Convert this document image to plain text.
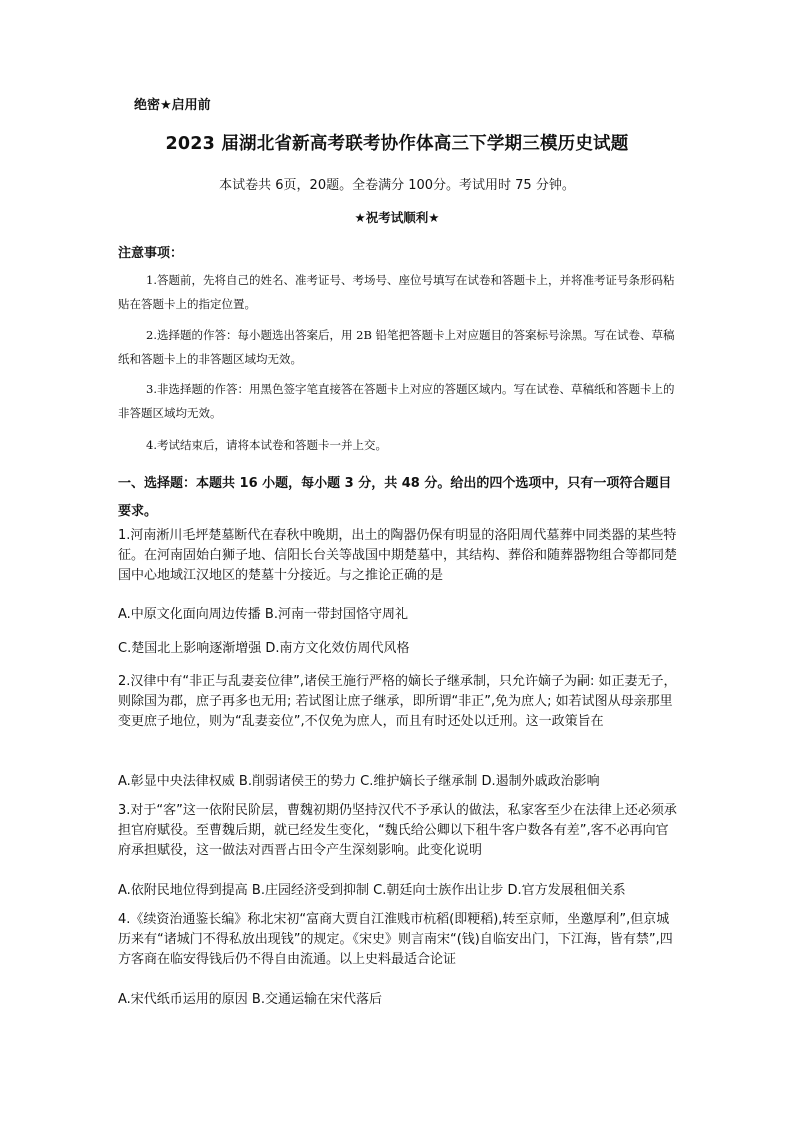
绝密★启用前
2023 届湖北省新高考联考协作体高三下学期三模历史试题
本试卷共 6页，20题。全卷满分 100分。考试用时 75 分钟。
★祝考试顺利★
注意事项：
1.答题前，先将自己的姓名、准考证号、考场号、座位号填写在试卷和答题卡上，并将准考证号条形码粘贴在答题卡上的指定位置。
2.选择题的作答：每小题选出答案后，用 2B 铅笔把答题卡上对应题目的答案标号涂黑。写在试卷、草稿纸和答题卡上的非答题区域均无效。
3.非选择题的作答：用黑色签字笔直接答在答题卡上对应的答题区域内。写在试卷、草稿纸和答题卡上的非答题区域均无效。
4.考试结束后，请将本试卷和答题卡一并上交。
一、选择题：本题共 16 小题，每小题 3 分，共 48 分。给出的四个选项中，只有一项符合题目要求。
1.河南淅川毛坪楚墓断代在春秋中晚期，出土的陶器仍保有明显的洛阳周代墓葬中同类器的某些特征。在河南固始白狮子地、信阳长台关等战国中期楚墓中，其结构、葬俗和随葬器物组合等都同楚国中心地域江汉地区的楚墓十分接近。与之推论正确的是
A.中原文化面向周边传播 B.河南一带封国恪守周礼
C.楚国北上影响逐渐增强 D.南方文化效仿周代风格
2.汉律中有“非正与乱妻妾位律”,诸侯王施行严格的嫡长子继承制，只允许嫡子为嗣: 如正妻无子，则除国为郡，庶子再多也无用; 若试图让庶子继承，即所谓“非正”,免为庶人; 如若试图从母亲那里变更庶子地位，则为“乱妻妾位”,不仅免为庶人，而且有时还处以迁刑。这一政策旨在
A.彰显中央法律权威 B.削弱诸侯王的势力 C.维护嫡长子继承制 D.遏制外戚政治影响
3.对于“客”这一依附民阶层，曹魏初期仍坚持汉代不予承认的做法，私家客至少在法律上还必须承担官府赋役。至曹魏后期，就已经发生变化，“魏氏给公卿以下租牛客户数各有差”,客不必再向官府承担赋役，这一做法对西晋占田令产生深刻影响。此变化说明
A.依附民地位得到提高 B.庄园经济受到抑制 C.朝廷向士族作出让步 D.官方发展租佃关系
4.《续资治通鉴长编》称北宋初“富商大贾自江淮贱市杭稻(即粳稻),转至京师，坐邀厚利”,但京城历来有“诸城门不得私放出现钱”的规定。《宋史》则言南宋“(钱)自临安出门，下江海，皆有禁”,四方客商在临安得钱后仍不得自由流通。以上史料最适合论证
A.宋代纸币运用的原因 B.交通运输在宋代落后
